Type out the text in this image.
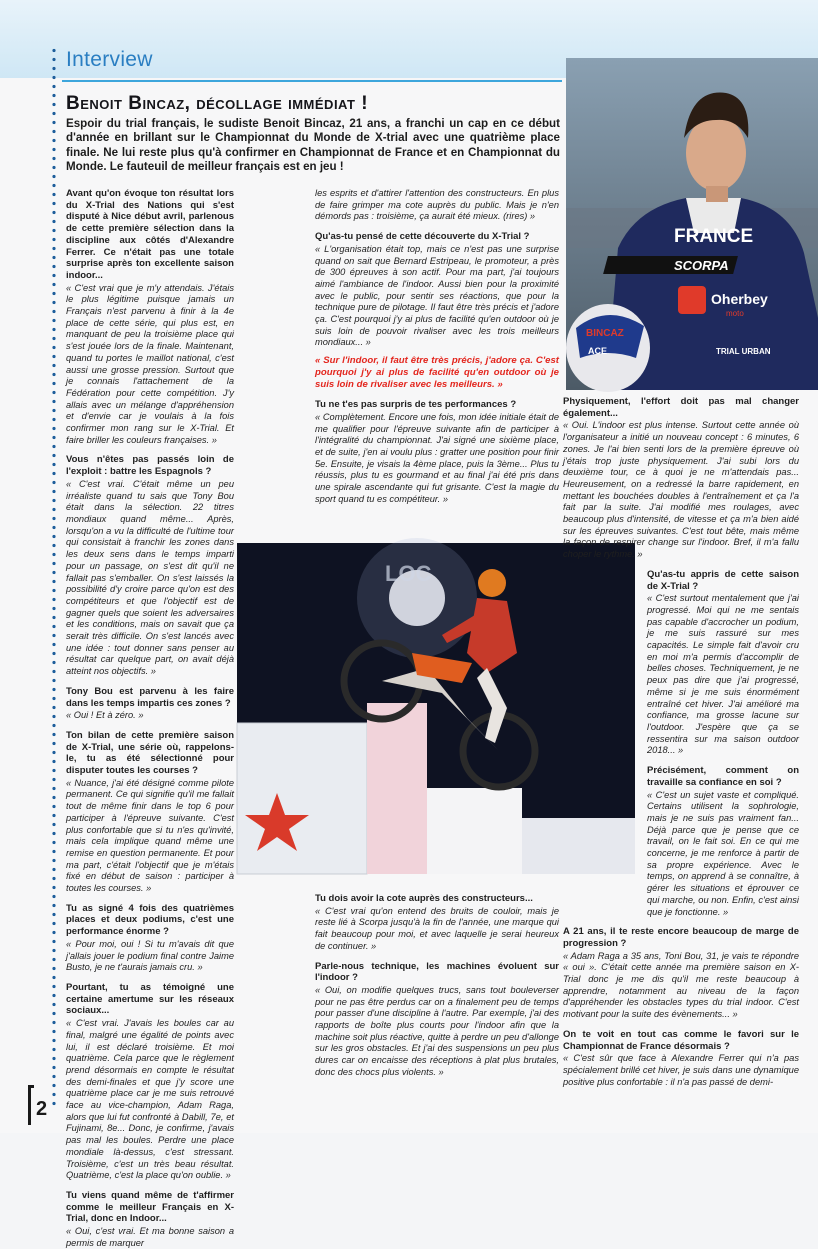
Interview
Benoit Bincaz, décollage immédiat !
Espoir du trial français, le sudiste Benoit Bincaz, 21 ans, a franchi un cap en ce début d'année en brillant sur le Championnat du Monde de X-trial avec une quatrième place finale. Ne lui reste plus qu'à confirmer en Championnat de France et en Championnat du Monde. Le fauteuil de meilleur français est en jeu !
FRANCE
SCORPA
Oherbey
moto
TRIAL URBAN
BINCAZ
ACE
LOC
Avant qu'on évoque ton résultat lors du X-Trial des Nations qui s'est disputé à Nice début avril, parlenous de cette première sélection dans la discipline aux côtés d'Alexandre Ferrer. Ce n'était pas une totale surprise après ton excellente saison indoor...
« C'est vrai que je m'y attendais. J'étais le plus légitime puisque jamais un Français n'est parvenu à finir à la 4e place de cette série, qui plus est, en manquant de peu la troisième place qui s'est jouée lors de la finale. Maintenant, quand tu portes le maillot national, c'est aussi une grosse pression. Surtout que je connais l'attachement de la Fédération pour cette compétition. J'y allais avec un mélange d'appréhension et d'envie car je voulais à la fois confirmer mon rang sur le X-Trial. Et faire briller les couleurs françaises. »
Vous n'êtes pas passés loin de l'exploit : battre les Espagnols ?
« C'est vrai. C'était même un peu irréaliste quand tu sais que Tony Bou était dans la sélection. 22 titres mondiaux quand même... Après, lorsqu'on a vu la difficulté de l'ultime tour qui consistait à franchir les zones dans les deux sens dans le temps imparti pour un passage, on s'est dit qu'il ne fallait pas s'emballer. On s'est laissés la possibilité d'y croire parce qu'on est des compétiteurs et que l'objectif est de gagner quels que soient les adversaires et les conditions, mais on savait que ça serait très difficile. On s'est lancés avec une idée : tout donner sans penser au résultat car quelque part, on avait déjà atteint nos objectifs. »
Tony Bou est parvenu à les faire dans les temps impartis ces zones ?
« Oui ! Et à zéro. »
Ton bilan de cette première saison de X-Trial, une série où, rappelons-le, tu as été sélectionné pour disputer toutes les courses ?
« Nuance, j'ai été désigné comme pilote permanent. Ce qui signifie qu'il me fallait tout de même finir dans le top 6 pour participer à l'épreuve suivante. C'est plus confortable que si tu n'es qu'invité, mais cela implique quand même une remise en question permanente. Et pour ma part, c'était l'objectif que je m'étais fixé en début de saison : participer à toutes les courses. »
Tu as signé 4 fois des quatrièmes places et deux podiums, c'est une performance énorme ?
« Pour moi, oui ! Si tu m'avais dit que j'allais jouer le podium final contre Jaime Busto, je ne t'aurais jamais cru. »
Pourtant, tu as témoigné une certaine amertume sur les réseaux sociaux...
« C'est vrai. J'avais les boules car au final, malgré une égalité de points avec lui, il est déclaré troisième. Et moi quatrième. Cela parce que le règlement prend désormais en compte le résultat des demi-finales et que j'y score une quatrième place car je me suis retrouvé face au vice-champion, Adam Raga, alors que lui fut confronté à Dabill, 7e, et Fujinami, 8e... Donc, je confirme, j'avais pas mal les boules. Perdre une place mondiale là-dessus, c'est stressant. Troisième, c'est un très beau résultat. Quatrième, c'est la place qu'on oublie. »
Tu viens quand même de t'affirmer comme le meilleur Français en X-Trial, donc en Indoor...
« Oui, c'est vrai. Et ma bonne saison a permis de marquer
les esprits et d'attirer l'attention des constructeurs. En plus de faire grimper ma cote auprès du public. Mais je n'en démords pas : troisième, ça aurait été mieux. (rires) »
Qu'as-tu pensé de cette découverte du X-Trial ?
« L'organisation était top, mais ce n'est pas une surprise quand on sait que Bernard Estripeau, le promoteur, a près de 300 épreuves à son actif. Pour ma part, j'ai toujours aimé l'ambiance de l'indoor. Aussi bien pour la proximité avec le public, pour sentir ses réactions, que pour la technique pure de pilotage. Il faut être très précis et j'adore ça. C'est pourquoi j'y ai plus de facilité qu'en outdoor où je suis loin de pouvoir rivaliser avec les trois meilleurs mondiaux... »
« Sur l'indoor, il faut être très précis, j'adore ça. C'est pourquoi j'y ai plus de facilité qu'en outdoor où je suis loin de rivaliser avec les meilleurs. »
Tu ne t'es pas surpris de tes performances ?
« Complètement. Encore une fois, mon idée initiale était de me qualifier pour l'épreuve suivante afin de participer à l'intégralité du championnat. J'ai signé une sixième place, et de suite, j'en ai voulu plus : gratter une position pour finir 5e. Ensuite, je visais la 4ème place, puis la 3ème... Plus tu réussis, plus tu es gourmand et au final j'ai été pris dans une spirale ascendante qui fut grisante. C'est la magie du sport quand tu es compétiteur. »
Tu dois avoir la cote auprès des constructeurs...
« C'est vrai qu'on entend des bruits de couloir, mais je reste lié à Scorpa jusqu'à la fin de l'année, une marque qui fait beaucoup pour moi, et avec laquelle je serai heureux de continuer. »
Parle-nous technique, les machines évoluent sur l'indoor ?
« Oui, on modifie quelques trucs, sans tout bouleverser pour ne pas être perdus car on a finalement peu de temps pour passer d'une discipline à l'autre. Par exemple, j'ai des rapports de boîte plus courts pour l'indoor afin que la machine soit plus réactive, quitte à perdre un peu d'allonge sur les gros obstacles. Et j'ai des suspensions un peu plus dures car on encaisse des réceptions à plat plus brutales, donc des chocs plus violents. »
Physiquement, l'effort doit pas mal changer également...
« Oui. L'indoor est plus intense. Surtout cette année où l'organisateur a initié un nouveau concept : 6 minutes, 6 zones. Je l'ai bien senti lors de la première épreuve où j'étais trop juste physiquement. J'ai subi lors du deuxième tour, ce à quoi je ne m'attendais pas... Heureusement, on a redressé la barre rapidement, en mettant les bouchées doubles à l'entraînement et ça l'a fait par la suite. J'ai modifié mes roulages, avec beaucoup plus d'intensité, de vitesse et ça m'a bien aidé sur les épreuves suivantes. C'est tout bête, mais même la façon de respirer change sur l'indoor. Bref, il m'a fallu choper le rythme. »
Qu'as-tu appris de cette saison de X-Trial ?
« C'est surtout mentalement que j'ai progressé. Moi qui ne me sentais pas capable d'accrocher un podium, je me suis rassuré sur mes capacités. Le simple fait d'avoir cru en moi m'a permis d'accomplir de belles choses. Techniquement, je ne peux pas dire que j'ai progressé, même si je me suis énormément entraîné cet hiver. J'ai amélioré ma confiance, ma grosse lacune sur l'outdoor. J'espère que ça se ressentira sur ma saison outdoor 2018... »
Précisément, comment on travaille sa confiance en soi ?
« C'est un sujet vaste et compliqué. Certains utilisent la sophrologie, mais je ne suis pas vraiment fan... Déjà parce que je pense que ce travail, on le fait soi. En ce qui me concerne, je me renforce à partir de sa propre expérience. Avec le temps, on apprend à se connaître, à gérer les situations et éprouver ce qui marche, ou non. Enfin, c'est ainsi que je fonctionne. »
A 21 ans, il te reste encore beaucoup de marge de progression ?
« Adam Raga a 35 ans, Toni Bou, 31, je vais te répondre « oui ». C'était cette année ma première saison en X-Trial donc je me dis qu'il me reste beaucoup à apprendre, notamment au niveau de la façon d'appréhender les obstacles types du trial indoor. C'est motivant pour la suite des évènements... »
On te voit en tout cas comme le favori sur le Championnat de France désormais ?
« C'est sûr que face à Alexandre Ferrer qui n'a pas spécialement brillé cet hiver, je suis dans une dynamique positive plus confortable : il n'a pas passé de demi-
2
